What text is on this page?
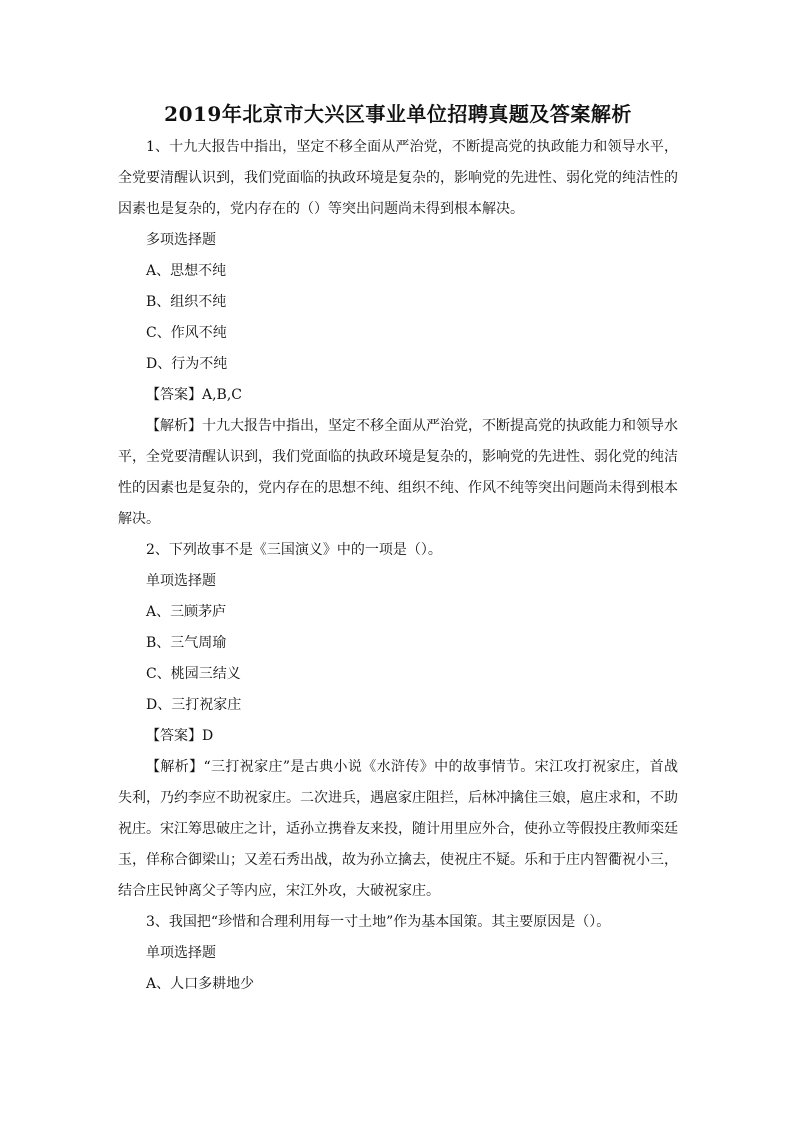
2019年北京市大兴区事业单位招聘真题及答案解析

1、十九大报告中指出，坚定不移全面从严治党，不断提高党的执政能力和领导水平，全党要清醒认识到，我们党面临的执政环境是复杂的，影响党的先进性、弱化党的纯洁性的因素也是复杂的，党内存在的（）等突出问题尚未得到根本解决。

多项选择题

A、思想不纯

B、组织不纯

C、作风不纯

D、行为不纯

【答案】A,B,C

【解析】十九大报告中指出，坚定不移全面从严治党，不断提高党的执政能力和领导水平，全党要清醒认识到，我们党面临的执政环境是复杂的，影响党的先进性、弱化党的纯洁性的因素也是复杂的，党内存在的思想不纯、组织不纯、作风不纯等突出问题尚未得到根本解决。

2、下列故事不是《三国演义》中的一项是（）。

单项选择题

A、三顾茅庐

B、三气周瑜

C、桃园三结义

D、三打祝家庄

【答案】D

【解析】“三打祝家庄”是古典小说《水浒传》中的故事情节。宋江攻打祝家庄，首战失利，乃约李应不助祝家庄。二次进兵，遇扈家庄阻拦，后林冲擒住三娘，扈庄求和，不助祝庄。宋江筹思破庄之计，适孙立携眷友来投，随计用里应外合，使孙立等假投庄教师栾廷玉，佯称合御梁山；又差石秀出战，故为孙立擒去，使祝庄不疑。乐和于庄内智衢祝小三，结合庄民钟离父子等内应，宋江外攻，大破祝家庄。

3、我国把“珍惜和合理利用每一寸土地”作为基本国策。其主要原因是（）。

单项选择题

A、人口多耕地少
